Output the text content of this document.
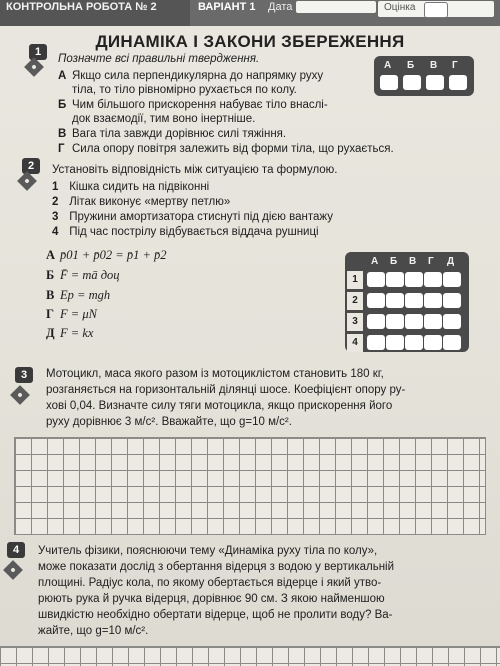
КОНТРОЛЬНА РОБОТА № 2	ВАРІАНТ 1 Дата	Оцінка
ДИНАМІКА І ЗАКОНИ ЗБЕРЕЖЕННЯ
1
Позначте всі правильні твердження.
А Якщо сила перпендикулярна до напрямку руху
тіла, то тіло рівномірно рухається по колу.
Б Чим більшого прискорення набуває тіло внаслі-
док взаємодії, тим воно інертніше.
В Вага тіла завжди дорівнює силі тяжіння.
Г Сила опору повітря залежить від форми тіла, що рухається.
А Б В Г
2	Установіть відповідність між ситуацією та формулою.
1 Кішка сидить на підвіконні
2 Літак виконує «мертву петлю»
3 Пружини амортизатора стиснуті під дією вантажу
4 Під час пострілу відбувається віддача рушниці
А p̄01 + p̄02 = p̄1 + p̄2
Б F̄ = mā доц
В Ep = mgh
Г F = μN
Д F = kx
А Б В Г Д
1
2
3
4
3	Мотоцикл, маса якого разом із мотоциклістом становить 180 кг,
розганяється на горизонтальній ділянці шосе. Коефіцієнт опору ру-
хові 0,04. Визначте силу тяги мотоцикла, якщо прискорення його
руху дорівнює 3 м/с². Вважайте, що g=10 м/с².
4	Учитель фізики, пояснюючи тему «Динаміка руху тіла по колу»,
може показати дослід з обертання відерця з водою у вертикальній
площині. Радіус кола, по якому обертається відерце і який утво-
рюють рука й ручка відерця, дорівнює 90 см. З якою найменшою
швидкістю необхідно обертати відерце, щоб не пролити воду? Ва-
жайте, що g=10 м/с².
